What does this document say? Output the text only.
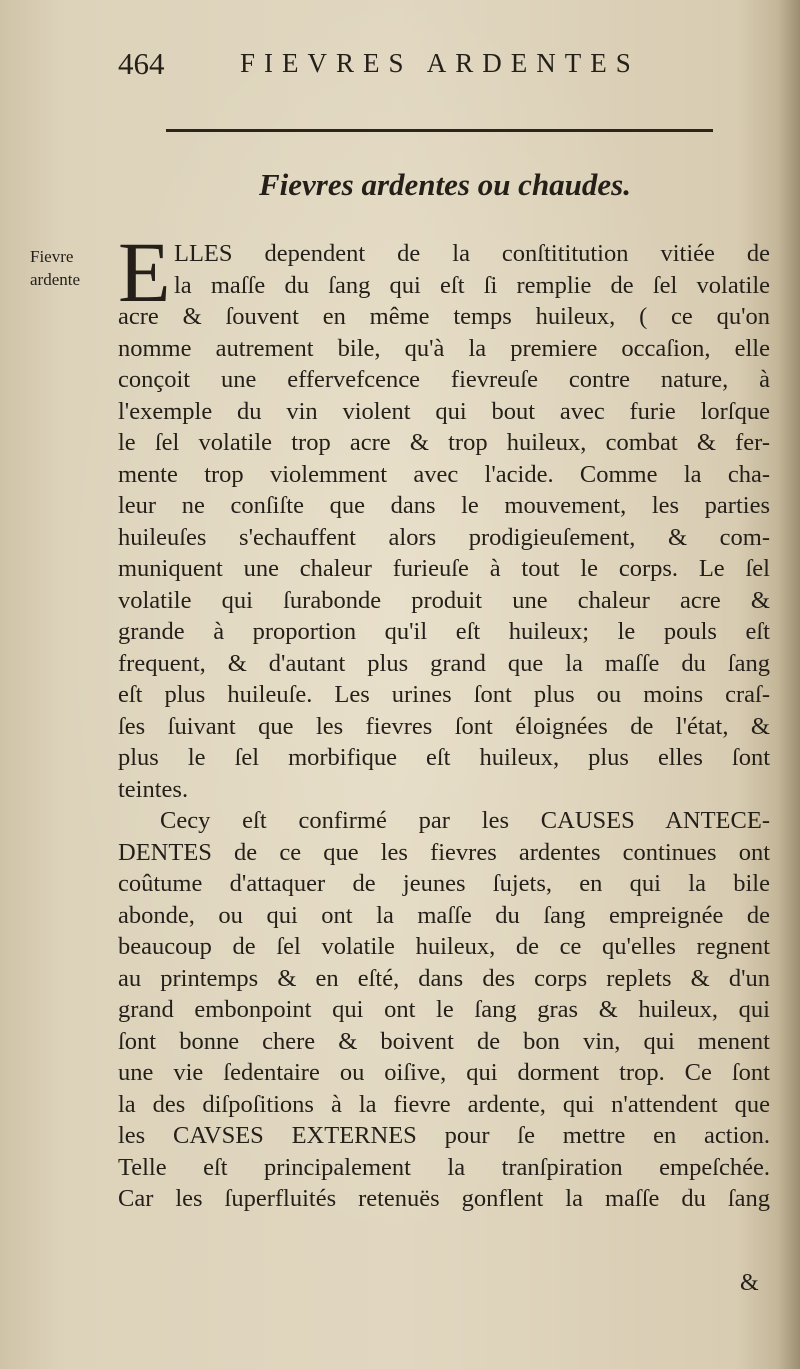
464	FIEVRES ARDENTES
Fievres ardentes ou chaudes.
Fievre
ardente E LLES dependent de la conſtititution vitiée de
la maſſe du ſang qui eſt ſi remplie de ſel volatile
acre & ſouvent en même temps huileux, ( ce qu'on
nomme autrement bile, qu'à la premiere occaſion, elle
conçoit une effervefcence fievreuſe contre nature, à
l'exemple du vin violent qui bout avec furie lorſque
le ſel volatile trop acre & trop huileux, combat & fer-
mente trop violemment avec l'acide. Comme la cha-
leur ne conſiſte que dans le mouvement, les parties
huileuſes s'echauffent alors prodigieuſement, & com-
muniquent une chaleur furieuſe à tout le corps. Le ſel
volatile qui ſurabonde produit une chaleur acre &
grande à proportion qu'il eſt huileux; le pouls eſt
frequent, & d'autant plus grand que la maſſe du ſang
eſt plus huileuſe. Les urines ſont plus ou moins craſ-
ſes ſuivant que les fievres ſont éloignées de l'état, &
plus le ſel morbifique eſt huileux, plus elles ſont
teintes.
Cecy eſt confirmé par les CAUSES ANTECE-
DENTES de ce que les fievres ardentes continues ont
coûtume d'attaquer de jeunes ſujets, en qui la bile
abonde, ou qui ont la maſſe du ſang empreignée de
beaucoup de ſel volatile huileux, de ce qu'elles regnent
au printemps & en eſté, dans des corps replets & d'un
grand embonpoint qui ont le ſang gras & huileux, qui
ſont bonne chere & boivent de bon vin, qui menent
une vie ſedentaire ou oiſive, qui dorment trop. Ce ſont
la des diſpoſitions à la fievre ardente, qui n'attendent que
les CAVSES EXTERNES pour ſe mettre en action.
Telle eſt principalement la tranſpiration empeſchée.
Car les ſuperfluités retenuës gonflent la maſſe du ſang
&
